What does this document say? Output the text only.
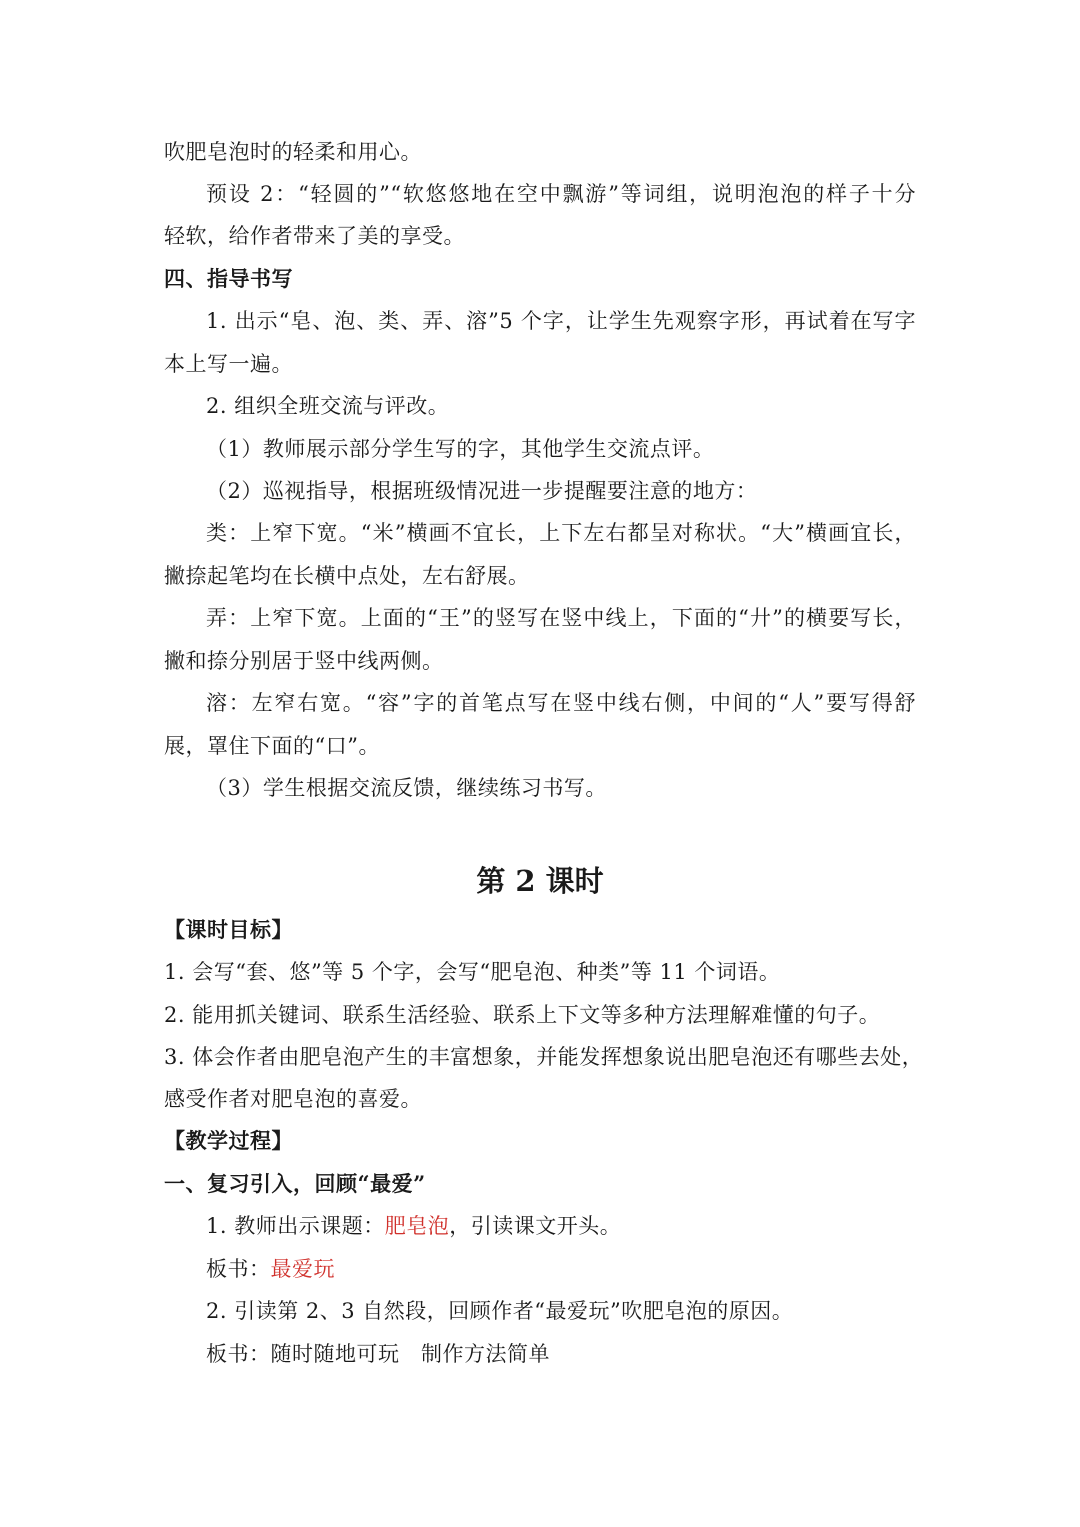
吹肥皂泡时的轻柔和用心。
预设 2：“轻圆的”“软悠悠地在空中飘游”等词组，说明泡泡的样子十分
轻软，给作者带来了美的享受。
四、指导书写
1. 出示“皂、泡、类、弄、溶”5 个字，让学生先观察字形，再试着在写字
本上写一遍。
2. 组织全班交流与评改。
（1）教师展示部分学生写的字，其他学生交流点评。
（2）巡视指导，根据班级情况进一步提醒要注意的地方：
类：上窄下宽。“米”横画不宜长，上下左右都呈对称状。“大”横画宜长，
撇捺起笔均在长横中点处，左右舒展。
弄：上窄下宽。上面的“王”的竖写在竖中线上，下面的“廾”的横要写长，
撇和捺分别居于竖中线两侧。
溶：左窄右宽。“容”字的首笔点写在竖中线右侧，中间的“人”要写得舒
展，罩住下面的“口”。
（3）学生根据交流反馈，继续练习书写。
第 2 课时
【课时目标】
1. 会写“套、悠”等 5 个字，会写“肥皂泡、种类”等 11 个词语。
2. 能用抓关键词、联系生活经验、联系上下文等多种方法理解难懂的句子。
3. 体会作者由肥皂泡产生的丰富想象，并能发挥想象说出肥皂泡还有哪些去处，
感受作者对肥皂泡的喜爱。
【教学过程】
一、复习引入，回顾“最爱”
1. 教师出示课题：肥皂泡，引读课文开头。
板书：最爱玩
2. 引读第 2、3 自然段，回顾作者“最爱玩”吹肥皂泡的原因。
板书：随时随地可玩　制作方法简单
